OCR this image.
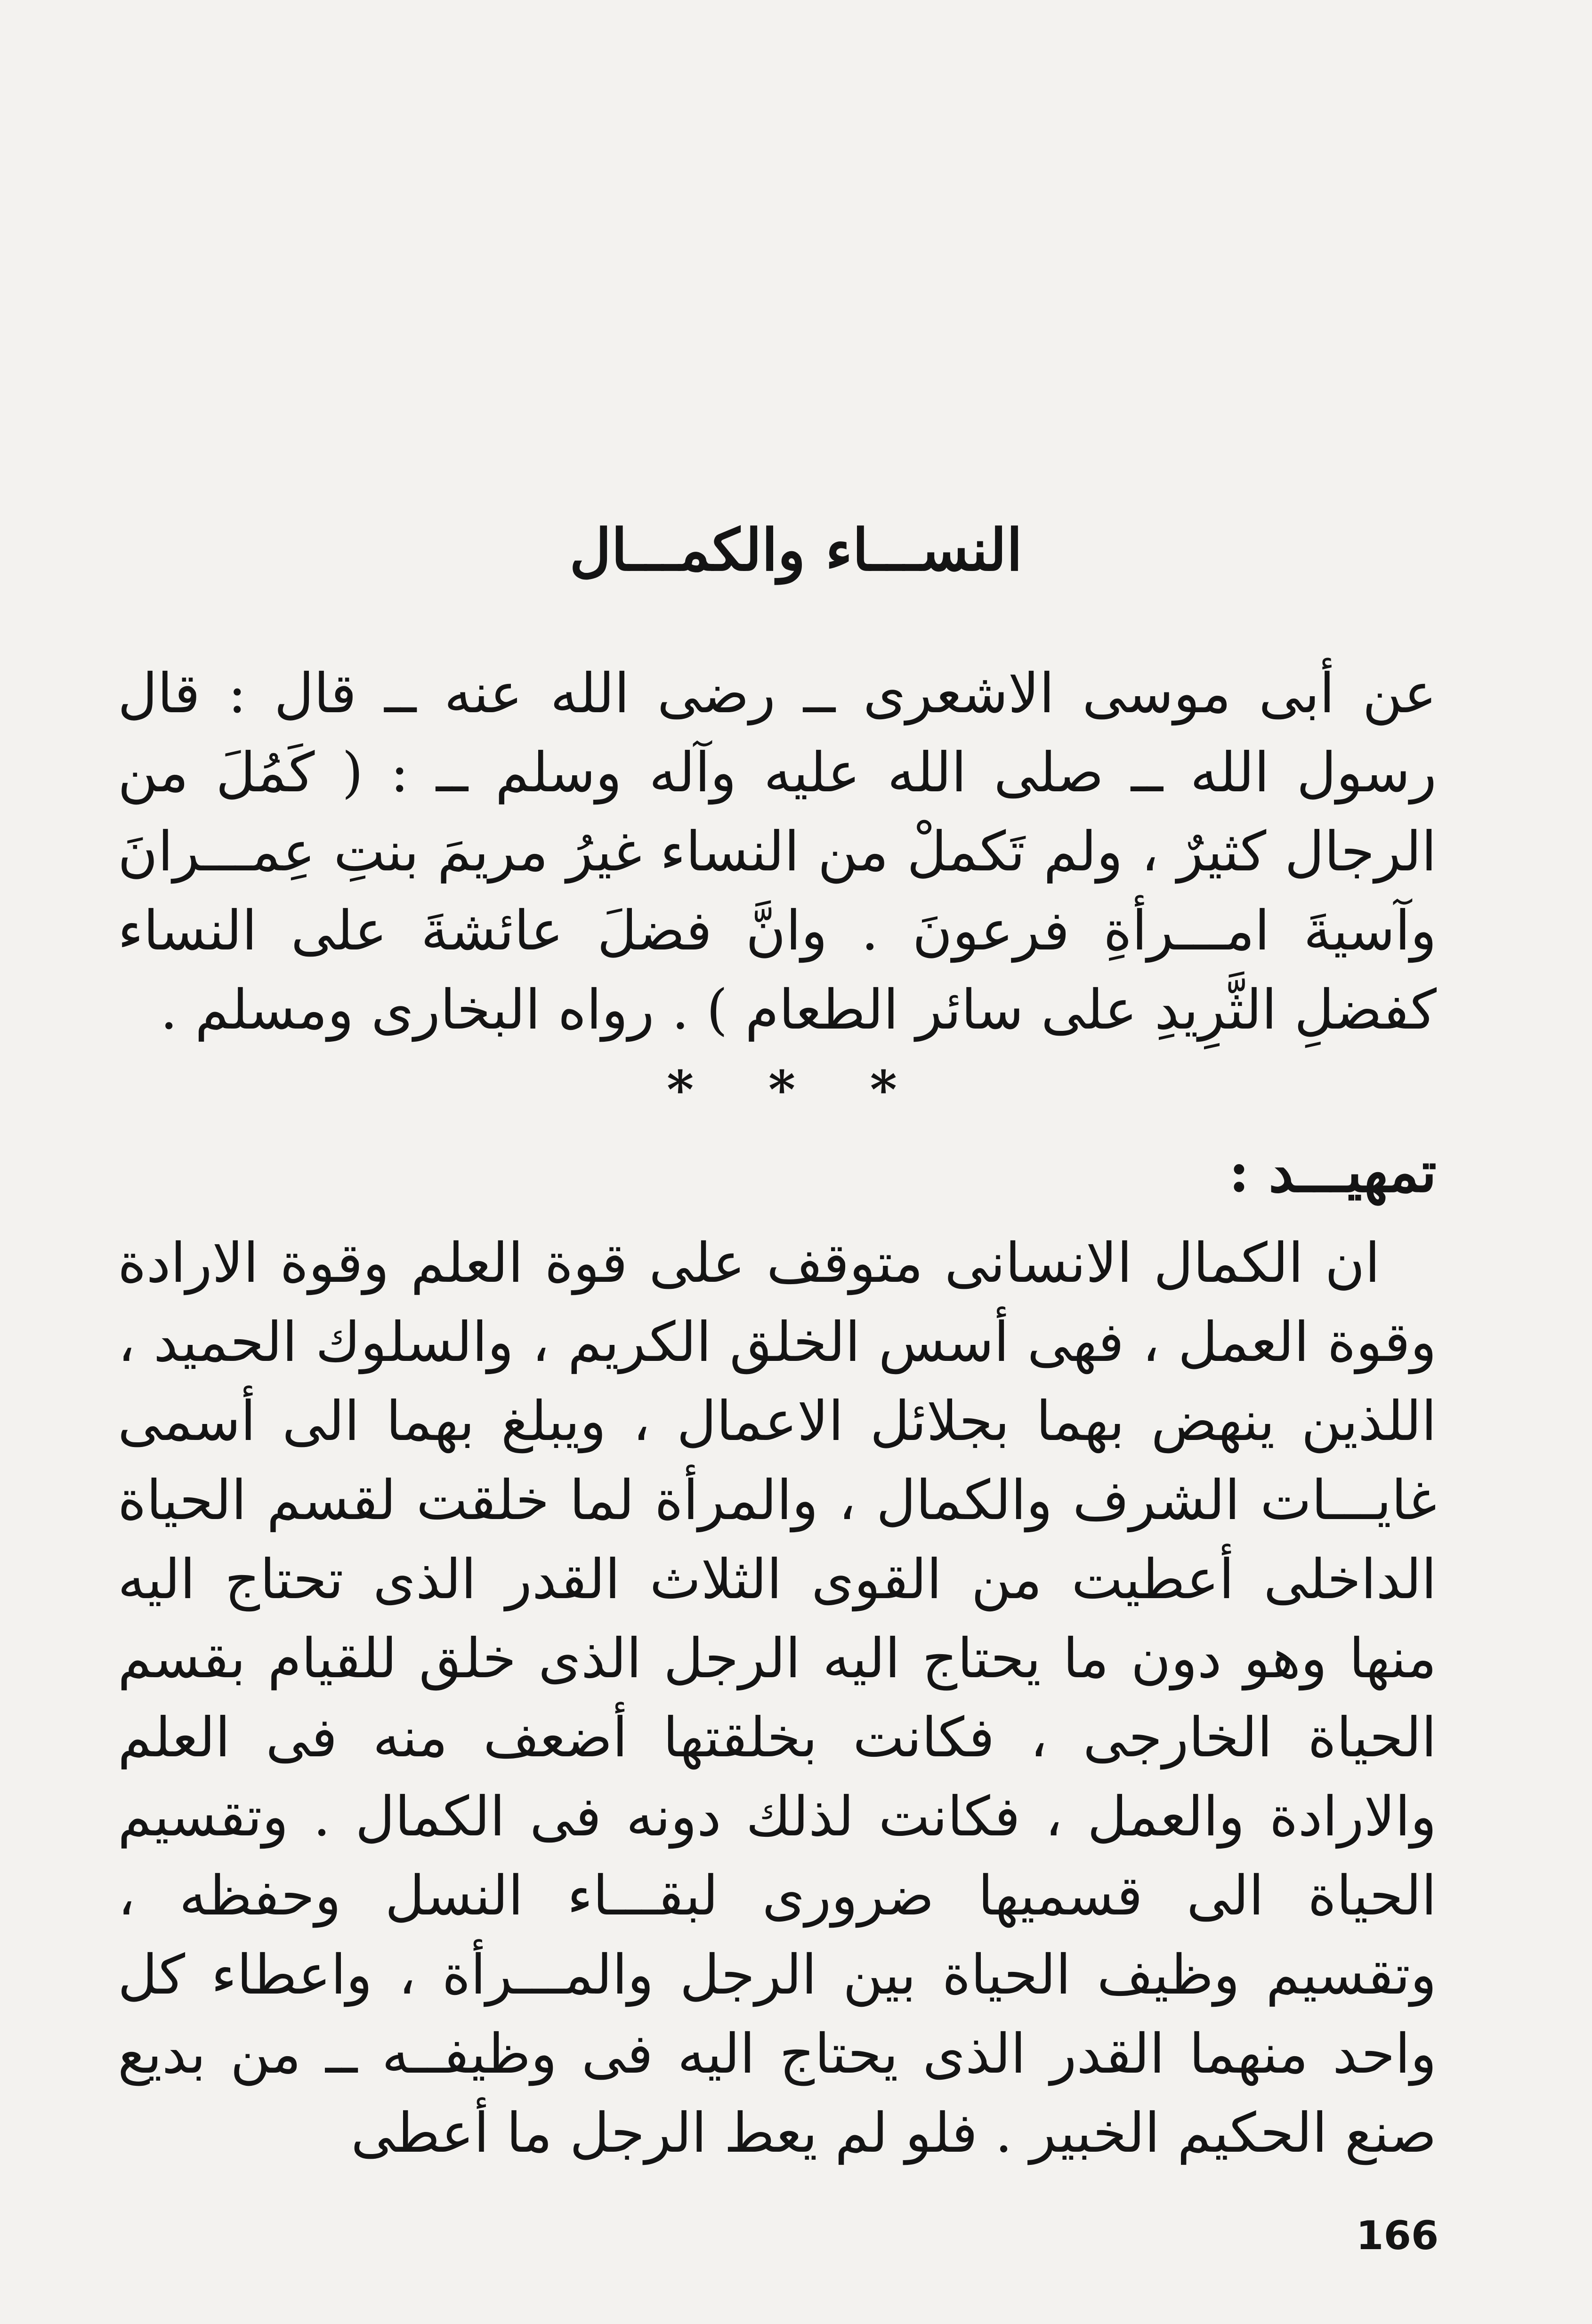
النســـاء والكمـــال

عن أبى موسى الاشعرى ــ رضى الله عنه ــ قال : قال رسول الله ــ صلى الله عليه وآله وسلم ــ : ( كَمُلَ من الرجال كثيرٌ ، ولم تَكملْ من النساء غيرُ مريمَ بنتِ عِمـــرانَ وآسيةَ امـــرأةِ فرعونَ . وانَّ فضلَ عائشةَ على النساء كفضلِ الثَّرِيدِ على سائر الطعام ) . رواه البخارى ومسلم .

* * *
تمهيـــد :

ان الكمال الانسانى متوقف على قوة العلم وقوة الارادة وقوة العمل ، فهى أسس الخلق الكريم ، والسلوك الحميد ، اللذين ينهض بهما بجلائل الاعمال ، ويبلغ بهما الى أسمى غايـــات الشرف والكمال ، والمرأة لما خلقت لقسم الحياة الداخلى أعطيت من القوى الثلاث القدر الذى تحتاج اليه منها وهو دون ما يحتاج اليه الرجل الذى خلق للقيام بقسم الحياة الخارجى ، فكانت بخلقتها أضعف منه فى العلم والارادة والعمل ، فكانت لذلك دونه فى الكمال . وتقسيم الحياة الى قسميها ضرورى لبقـــاء النسل وحفظه ، وتقسيم وظيف الحياة بين الرجل والمـــرأة ، واعطاء كل واحد منهما القدر الذى يحتاج اليه فى وظيفــه ــ من بديع صنع الحكيم الخبير . فلو لم يعط الرجل ما أعطى

166
